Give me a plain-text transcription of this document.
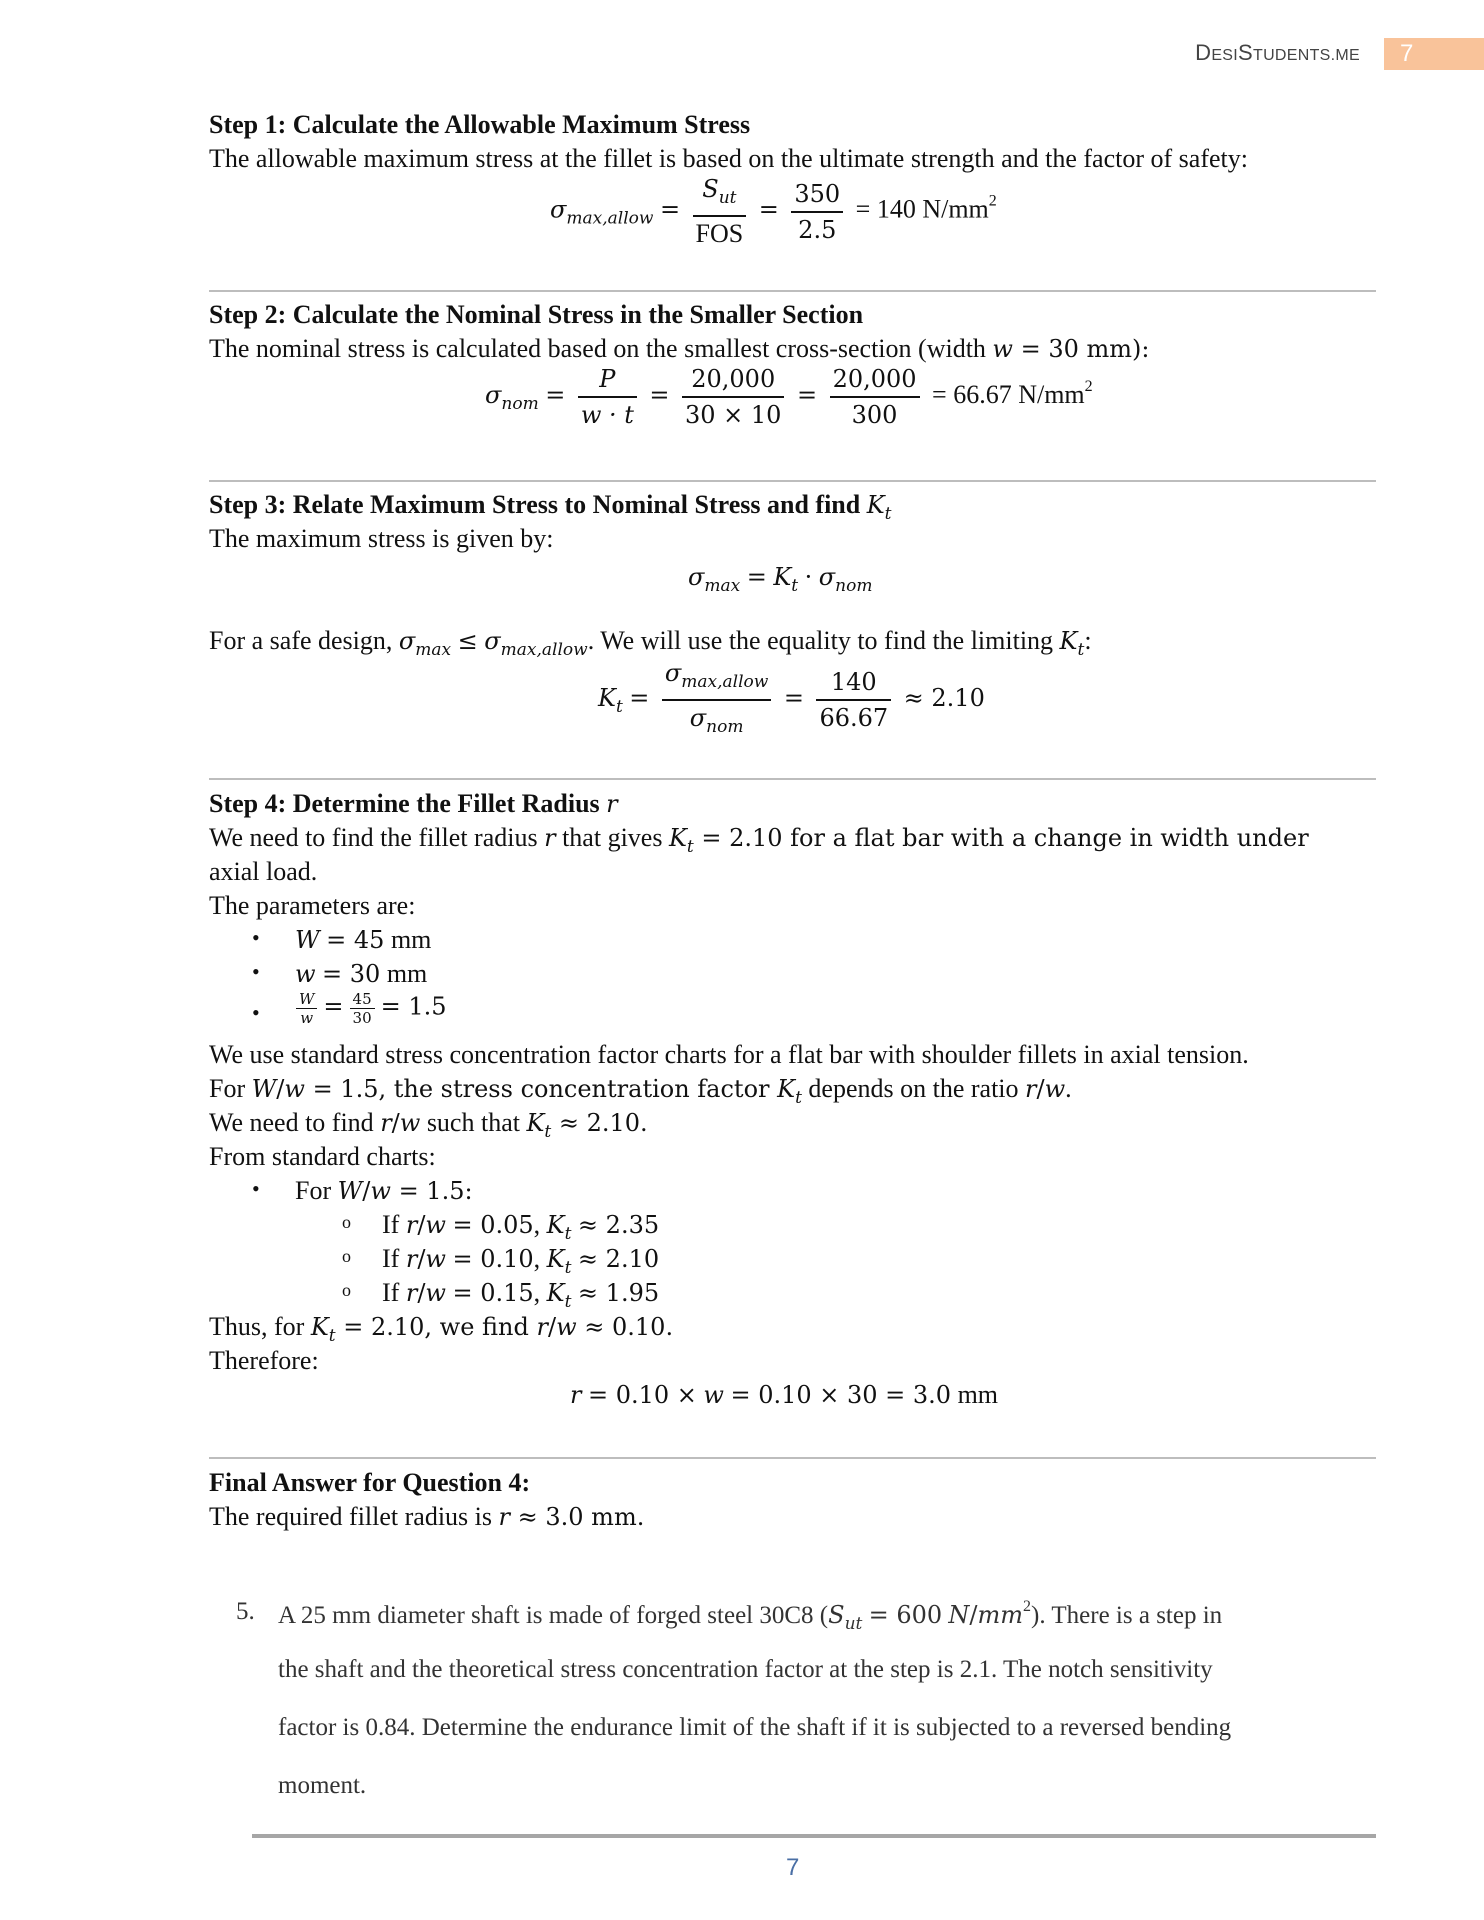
DESISTUDENTS.ME 7
Step 1: Calculate the Allowable Maximum Stress
The allowable maximum stress at the fillet is based on the ultimate strength and the factor of safety:
$\sigma_{max,allow} = \frac{S_{ut}}{\text{FOS}} = \frac{350}{2.5} = 140$ $N/mm^2$
Step 2: Calculate the Nominal Stress in the Smaller Section
The nominal stress is calculated based on the smallest cross-section (width w = 30 mm):
$\sigma_{nom} = \frac{P}{w \cdot t} = \frac{20,000}{30 \times 10} = \frac{20,000}{300} = 66.67$ $N/mm^2$
Step 3: Relate Maximum Stress to Nominal Stress and find $K_t$
The maximum stress is given by:
$\sigma_{max} = K_t \cdot \sigma_{nom}$
For a safe design, $\sigma_{max} \le \sigma_{max,allow}$. We will use the equality to find the limiting $K_t$:
$K_t = \frac{\sigma_{max,allow}}{\sigma_{nom}} = \frac{140}{66.67} \approx 2.10$
Step 4: Determine the Fillet Radius r
We need to find the fillet radius r that gives $K_t = 2.10$ for a flat bar with a change in width under
axial load.
The parameters are:
• W = 45 mm
• w = 30 mm
• $\frac{W}{w} = \frac{45}{30} = 1.5$
We use standard stress concentration factor charts for a flat bar with shoulder fillets in axial tension.
For W/w = 1.5, the stress concentration factor $K_t$ depends on the ratio r/w.
We need to find r/w such that $K_t \approx 2.10$.
From standard charts:
• For W/w = 1.5:
o If r/w = 0.05, $K_t \approx 2.35$
o If r/w = 0.10, $K_t \approx 2.10$
o If r/w = 0.15, $K_t \approx 1.95$
Thus, for $K_t = 2.10$, we find r/w ≈ 0.10.
Therefore:
r = 0.10 × w = 0.10 × 30 = 3.0 mm
Final Answer for Question 4:
The required fillet radius is r ≈ 3.0 mm.
5. A 25 mm diameter shaft is made of forged steel 30C8 ($S_{ut} = 600$ $N/mm^2$). There is a step in
the shaft and the theoretical stress concentration factor at the step is 2.1. The notch sensitivity
factor is 0.84. Determine the endurance limit of the shaft if it is subjected to a reversed bending
moment.
7
